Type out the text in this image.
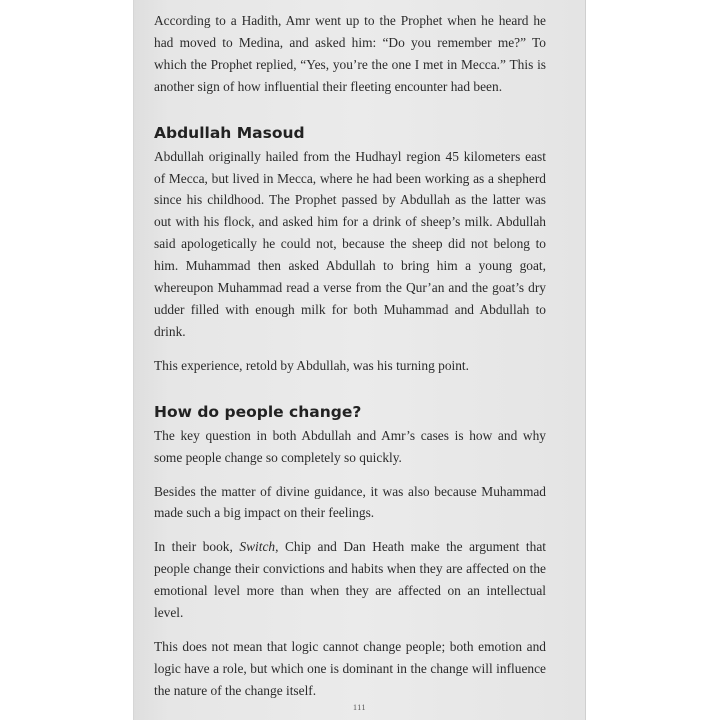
According to a Hadith, Amr went up to the Prophet when he heard he had moved to Medina, and asked him: “Do you remember me?” To which the Prophet replied, “Yes, you’re the one I met in Mecca.” This is another sign of how influential their fleeting encounter had been.

Abdullah Masoud

Abdullah originally hailed from the Hudhayl region 45 kilometers east of Mecca, but lived in Mecca, where he had been working as a shepherd since his childhood. The Prophet passed by Abdullah as the latter was out with his flock, and asked him for a drink of sheep’s milk. Abdullah said apologetically he could not, because the sheep did not belong to him. Muhammad then asked Abdullah to bring him a young goat, whereupon Muhammad read a verse from the Qur’an and the goat’s dry udder filled with enough milk for both Muhammad and Abdullah to drink.

This experience, retold by Abdullah, was his turning point.

How do people change?

The key question in both Abdullah and Amr’s cases is how and why some people change so completely so quickly.

Besides the matter of divine guidance, it was also because Muhammad made such a big impact on their feelings.

In their book, Switch, Chip and Dan Heath make the argument that people change their convictions and habits when they are affected on the emotional level more than when they are affected on an intellectual level.

This does not mean that logic cannot change people; both emotion and logic have a role, but which one is dominant in the change will influence the nature of the change itself.

111
